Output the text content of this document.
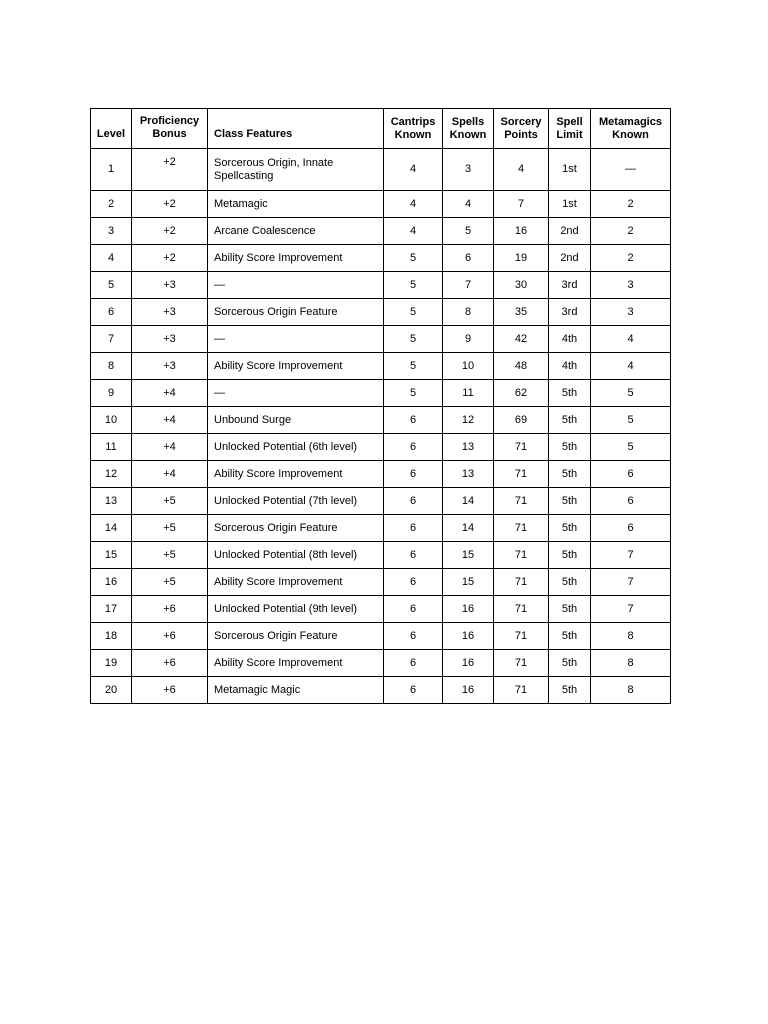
Level	Proficiency Bonus	Class Features	Cantrips Known	Spells Known	Sorcery Points	Spell Limit	Metamagics Known
1	+2	Sorcerous Origin, Innate Spellcasting	4	3	4	1st	—
2	+2	Metamagic	4	4	7	1st	2
3	+2	Arcane Coalescence	4	5	16	2nd	2
4	+2	Ability Score Improvement	5	6	19	2nd	2
5	+3	—	5	7	30	3rd	3
6	+3	Sorcerous Origin Feature	5	8	35	3rd	3
7	+3	—	5	9	42	4th	4
8	+3	Ability Score Improvement	5	10	48	4th	4
9	+4	—	5	11	62	5th	5
10	+4	Unbound Surge	6	12	69	5th	5
11	+4	Unlocked Potential (6th level)	6	13	71	5th	5
12	+4	Ability Score Improvement	6	13	71	5th	6
13	+5	Unlocked Potential (7th level)	6	14	71	5th	6
14	+5	Sorcerous Origin Feature	6	14	71	5th	6
15	+5	Unlocked Potential (8th level)	6	15	71	5th	7
16	+5	Ability Score Improvement	6	15	71	5th	7
17	+6	Unlocked Potential (9th level)	6	16	71	5th	7
18	+6	Sorcerous Origin Feature	6	16	71	5th	8
19	+6	Ability Score Improvement	6	16	71	5th	8
20	+6	Metamagic Magic	6	16	71	5th	8
